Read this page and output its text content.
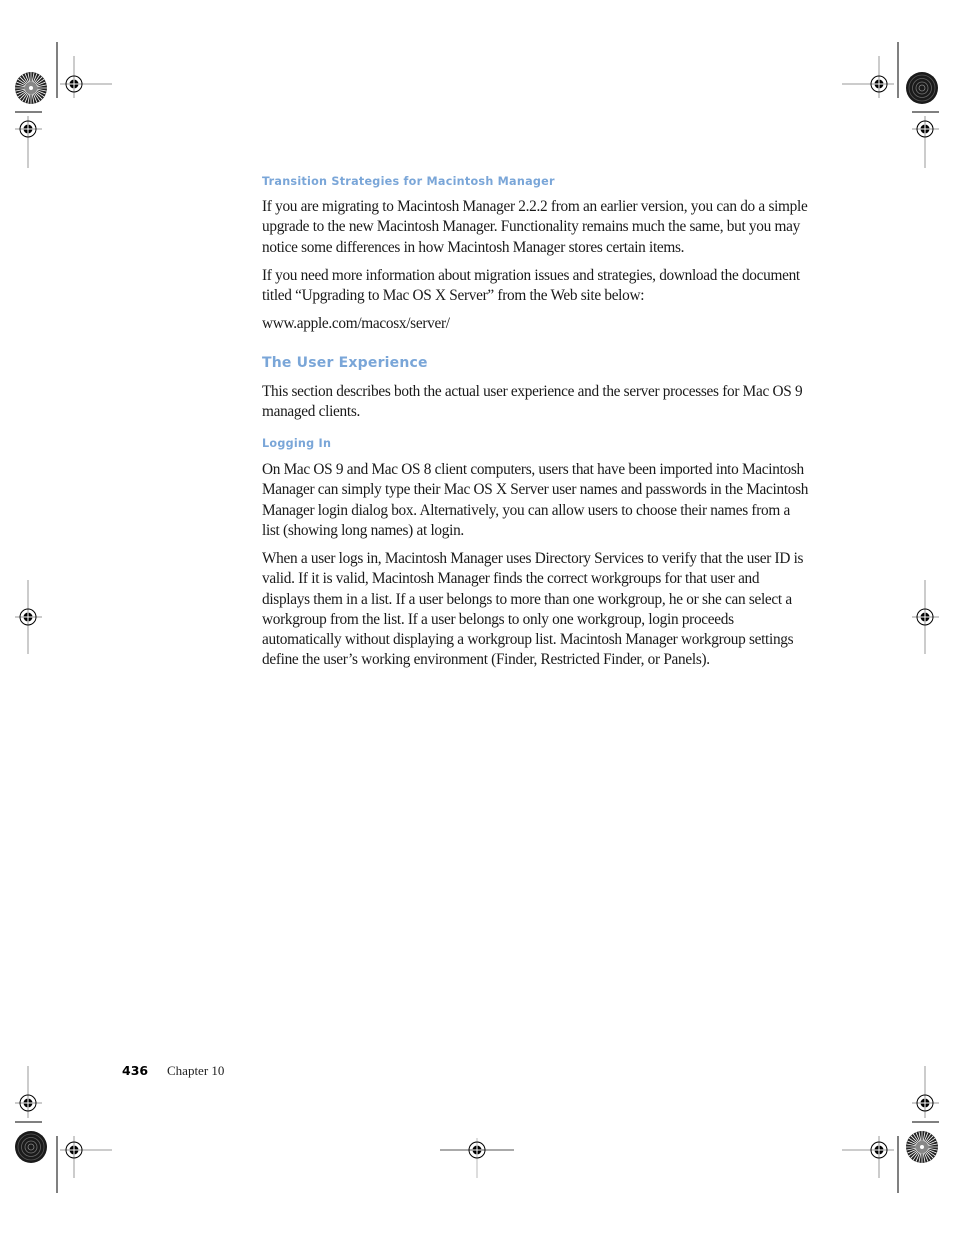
Transition Strategies for Macintosh Manager

If you are migrating to Macintosh Manager 2.2.2 from an earlier version, you can do a simple upgrade to the new Macintosh Manager. Functionality remains much the same, but you may notice some differences in how Macintosh Manager stores certain items.

If you need more information about migration issues and strategies, download the document titled “Upgrading to Mac OS X Server” from the Web site below:

www.apple.com/macosx/server/

The User Experience

This section describes both the actual user experience and the server processes for Mac OS 9 managed clients.

Logging In

On Mac OS 9 and Mac OS 8 client computers, users that have been imported into Macintosh Manager can simply type their Mac OS X Server user names and passwords in the Macintosh Manager login dialog box. Alternatively, you can allow users to choose their names from a list (showing long names) at login.

When a user logs in, Macintosh Manager uses Directory Services to verify that the user ID is valid. If it is valid, Macintosh Manager finds the correct workgroups for that user and displays them in a list. If a user belongs to more than one workgroup, he or she can select a workgroup from the list. If a user belongs to only one workgroup, login proceeds automatically without displaying a workgroup list. Macintosh Manager workgroup settings define the user’s working environment (Finder, Restricted Finder, or Panels).

436 Chapter 10
